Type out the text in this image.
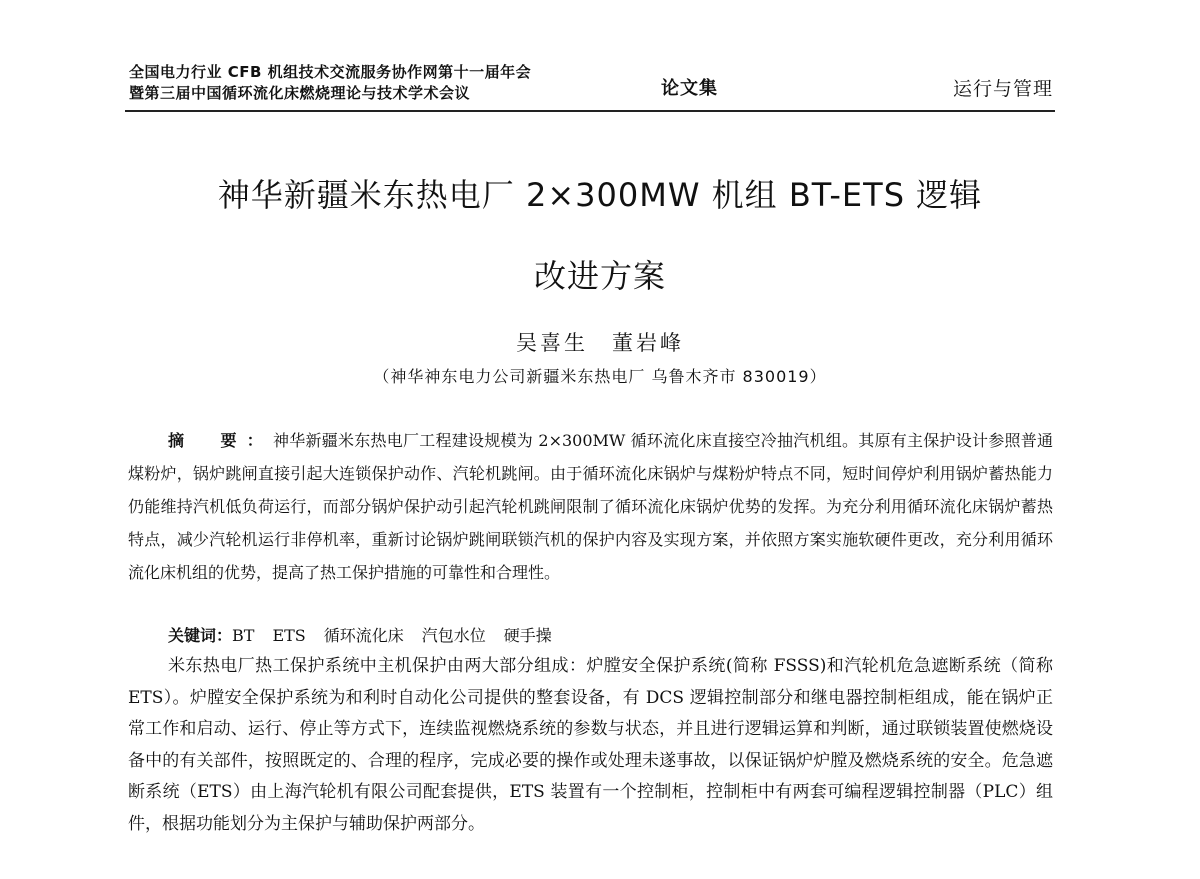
全国电力行业 CFB 机组技术交流服务协作网第十一届年会
暨第三届中国循环流化床燃烧理论与技术学术会议	论文集	运行与管理
神华新疆米东热电厂 2×300MW 机组 BT-ETS 逻辑
改进方案
吴喜生　董岩峰
（神华神东电力公司新疆米东热电厂 乌鲁木齐市 830019）
摘　要：神华新疆米东热电厂工程建设规模为 2×300MW 循环流化床直接空冷抽汽机组。其原有主保护设计参照普通煤粉炉，锅炉跳闸直接引起大连锁保护动作、汽轮机跳闸。由于循环流化床锅炉与煤粉炉特点不同，短时间停炉利用锅炉蓄热能力仍能维持汽机低负荷运行，而部分锅炉保护动引起汽轮机跳闸限制了循环流化床锅炉优势的发挥。为充分利用循环流化床锅炉蓄热特点，减少汽轮机运行非停机率，重新讨论锅炉跳闸联锁汽机的保护内容及实现方案，并依照方案实施软硬件更改，充分利用循环流化床机组的优势，提高了热工保护措施的可靠性和合理性。
关键词：BT ETS 循环流化床 汽包水位 硬手操
米东热电厂热工保护系统中主机保护由两大部分组成：炉膛安全保护系统(简称 FSSS)和汽轮机危急遮断系统（简称 ETS）。炉膛安全保护系统为和利时自动化公司提供的整套设备，有 DCS 逻辑控制部分和继电器控制柜组成，能在锅炉正常工作和启动、运行、停止等方式下，连续监视燃烧系统的参数与状态，并且进行逻辑运算和判断，通过联锁装置使燃烧设备中的有关部件，按照既定的、合理的程序，完成必要的操作或处理未遂事故，以保证锅炉炉膛及燃烧系统的安全。危急遮断系统（ETS）由上海汽轮机有限公司配套提供，ETS 装置有一个控制柜，控制柜中有两套可编程逻辑控制器（PLC）组件，根据功能划分为主保护与辅助保护两部分。
